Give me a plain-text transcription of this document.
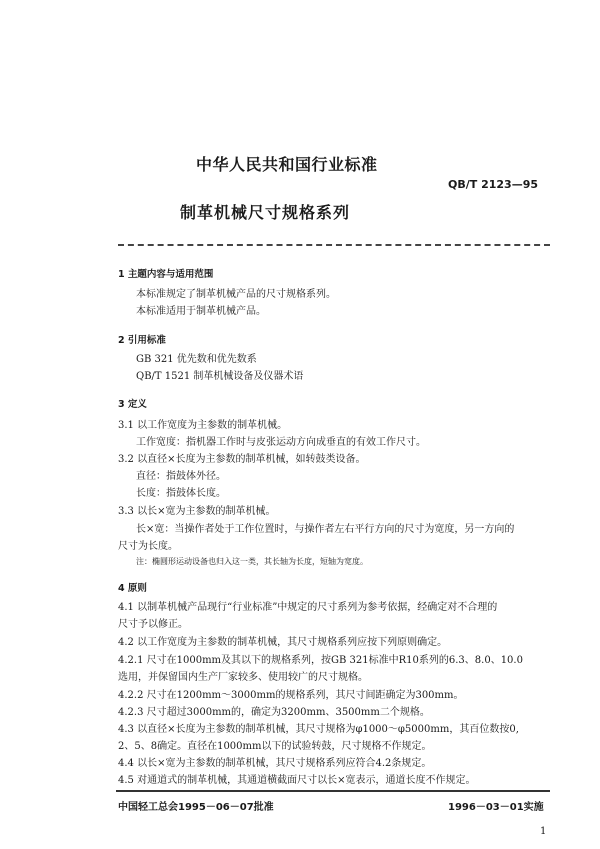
中华人民共和国行业标准
QB/T 2123—95
制革机械尺寸规格系列
1 主题内容与适用范围
本标准规定了制革机械产品的尺寸规格系列。
本标准适用于制革机械产品。
2 引用标准
GB 321 优先数和优先数系
QB/T 1521 制革机械设备及仪器术语
3 定义
3.1 以工作宽度为主参数的制革机械。
工作宽度：指机器工作时与皮张运动方向成垂直的有效工作尺寸。
3.2 以直径×长度为主参数的制革机械，如转鼓类设备。
直径：指鼓体外径。
长度：指鼓体长度。
3.3 以长×宽为主参数的制革机械。
长×宽：当操作者处于工作位置时，与操作者左右平行方向的尺寸为宽度，另一方向的
尺寸为长度。
注：椭圆形运动设备也归入这一类，其长轴为长度，短轴为宽度。
4 原则
4.1 以制革机械产品现行“行业标准”中规定的尺寸系列为参考依据，经确定对不合理的
尺寸予以修正。
4.2 以工作宽度为主参数的制革机械，其尺寸规格系列应按下列原则确定。
4.2.1 尺寸在1000mm及其以下的规格系列，按GB 321标准中R10系列的6.3、8.0、10.0
选用，并保留国内生产厂家较多、使用较广的尺寸规格。
4.2.2 尺寸在1200mm～3000mm的规格系列，其尺寸间距确定为300mm。
4.2.3 尺寸超过3000mm的，确定为3200mm、3500mm二个规格。
4.3 以直径×长度为主参数的制革机械，其尺寸规格为φ1000～φ5000mm，其百位数按0,
2、5、8确定。直径在1000mm以下的试验转鼓，尺寸规格不作规定。
4.4 以长×宽为主参数的制革机械，其尺寸规格系列应符合4.2条规定。
4.5 对通道式的制革机械，其通道横截面尺寸以长×宽表示，通道长度不作规定。
中国轻工总会1995－06－07批准	1996－03－01实施
1
